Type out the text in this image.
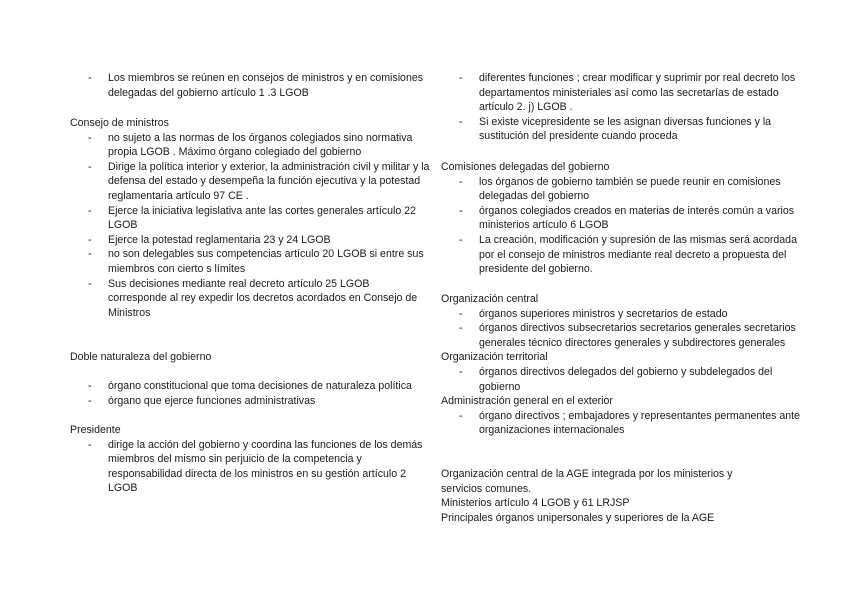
- Los miembros se reúnen en consejos de ministros y en comisiones delegadas del gobierno artículo 1 .3 LGOB
Consejo de ministros
- no sujeto a las normas de los órganos colegiados sino normativa propia LGOB . Máximo órgano colegiado del gobierno
- Dirige la política interior y exterior, la administración civil y militar y la defensa del estado y desempeña la función ejecutiva y la potestad reglamentaria artículo 97 CE .
- Ejerce la iniciativa legislativa ante las cortes generales artículo 22 LGOB
- Ejerce la potestad reglamentaria 23 y 24 LGOB
- no son delegables sus competencias artículo 20 LGOB si entre sus miembros con cierto s límites
- Sus decisiones mediante real decreto artículo 25 LGOB corresponde al rey expedir los decretos acordados en Consejo de Ministros
Doble naturaleza del gobierno
- órgano constitucional que toma decisiones de naturaleza política
- órgano que ejerce funciones administrativas
Presidente
- dirige la acción del gobierno y coordina las funciones de los demás miembros del mismo sin perjuicio de la competencia y responsabilidad directa de los ministros en su gestión artículo 2        LGOB
- diferentes funciones ; crear modificar y suprimir por real decreto los departamentos ministeriales así como las secretarías de estado artículo 2. j) LGOB .
- Si existe vicepresidente se les asignan diversas funciones y la sustitución del presidente cuando proceda
Comisiones delegadas del gobierno
- los órganos de gobierno también se puede reunir en comisiones delegadas del gobierno
- órganos colegiados creados en materias de interés común a varios ministerios artículo 6 LGOB
- La creación, modificación y supresión de las mismas será acordada por el consejo de ministros mediante real decreto a propuesta del presidente del gobierno.
Organización central
- órganos superiores ministros y secretarios de estado
- órganos directivos subsecretarios secretarios generales secretarios generales técnico directores generales y subdirectores generales
Organización territorial
- órganos directivos delegados del gobierno y subdelegados del gobierno
Administración general en el exterior
- órgano directivos ; embajadores y representantes permanentes ante organizaciones internacionales
Organización central de la AGE integrada por los ministerios y
servicios comunes.
Ministerios artículo 4 LGOB y 61 LRJSP
Principales órganos unipersonales y superiores de la AGE
